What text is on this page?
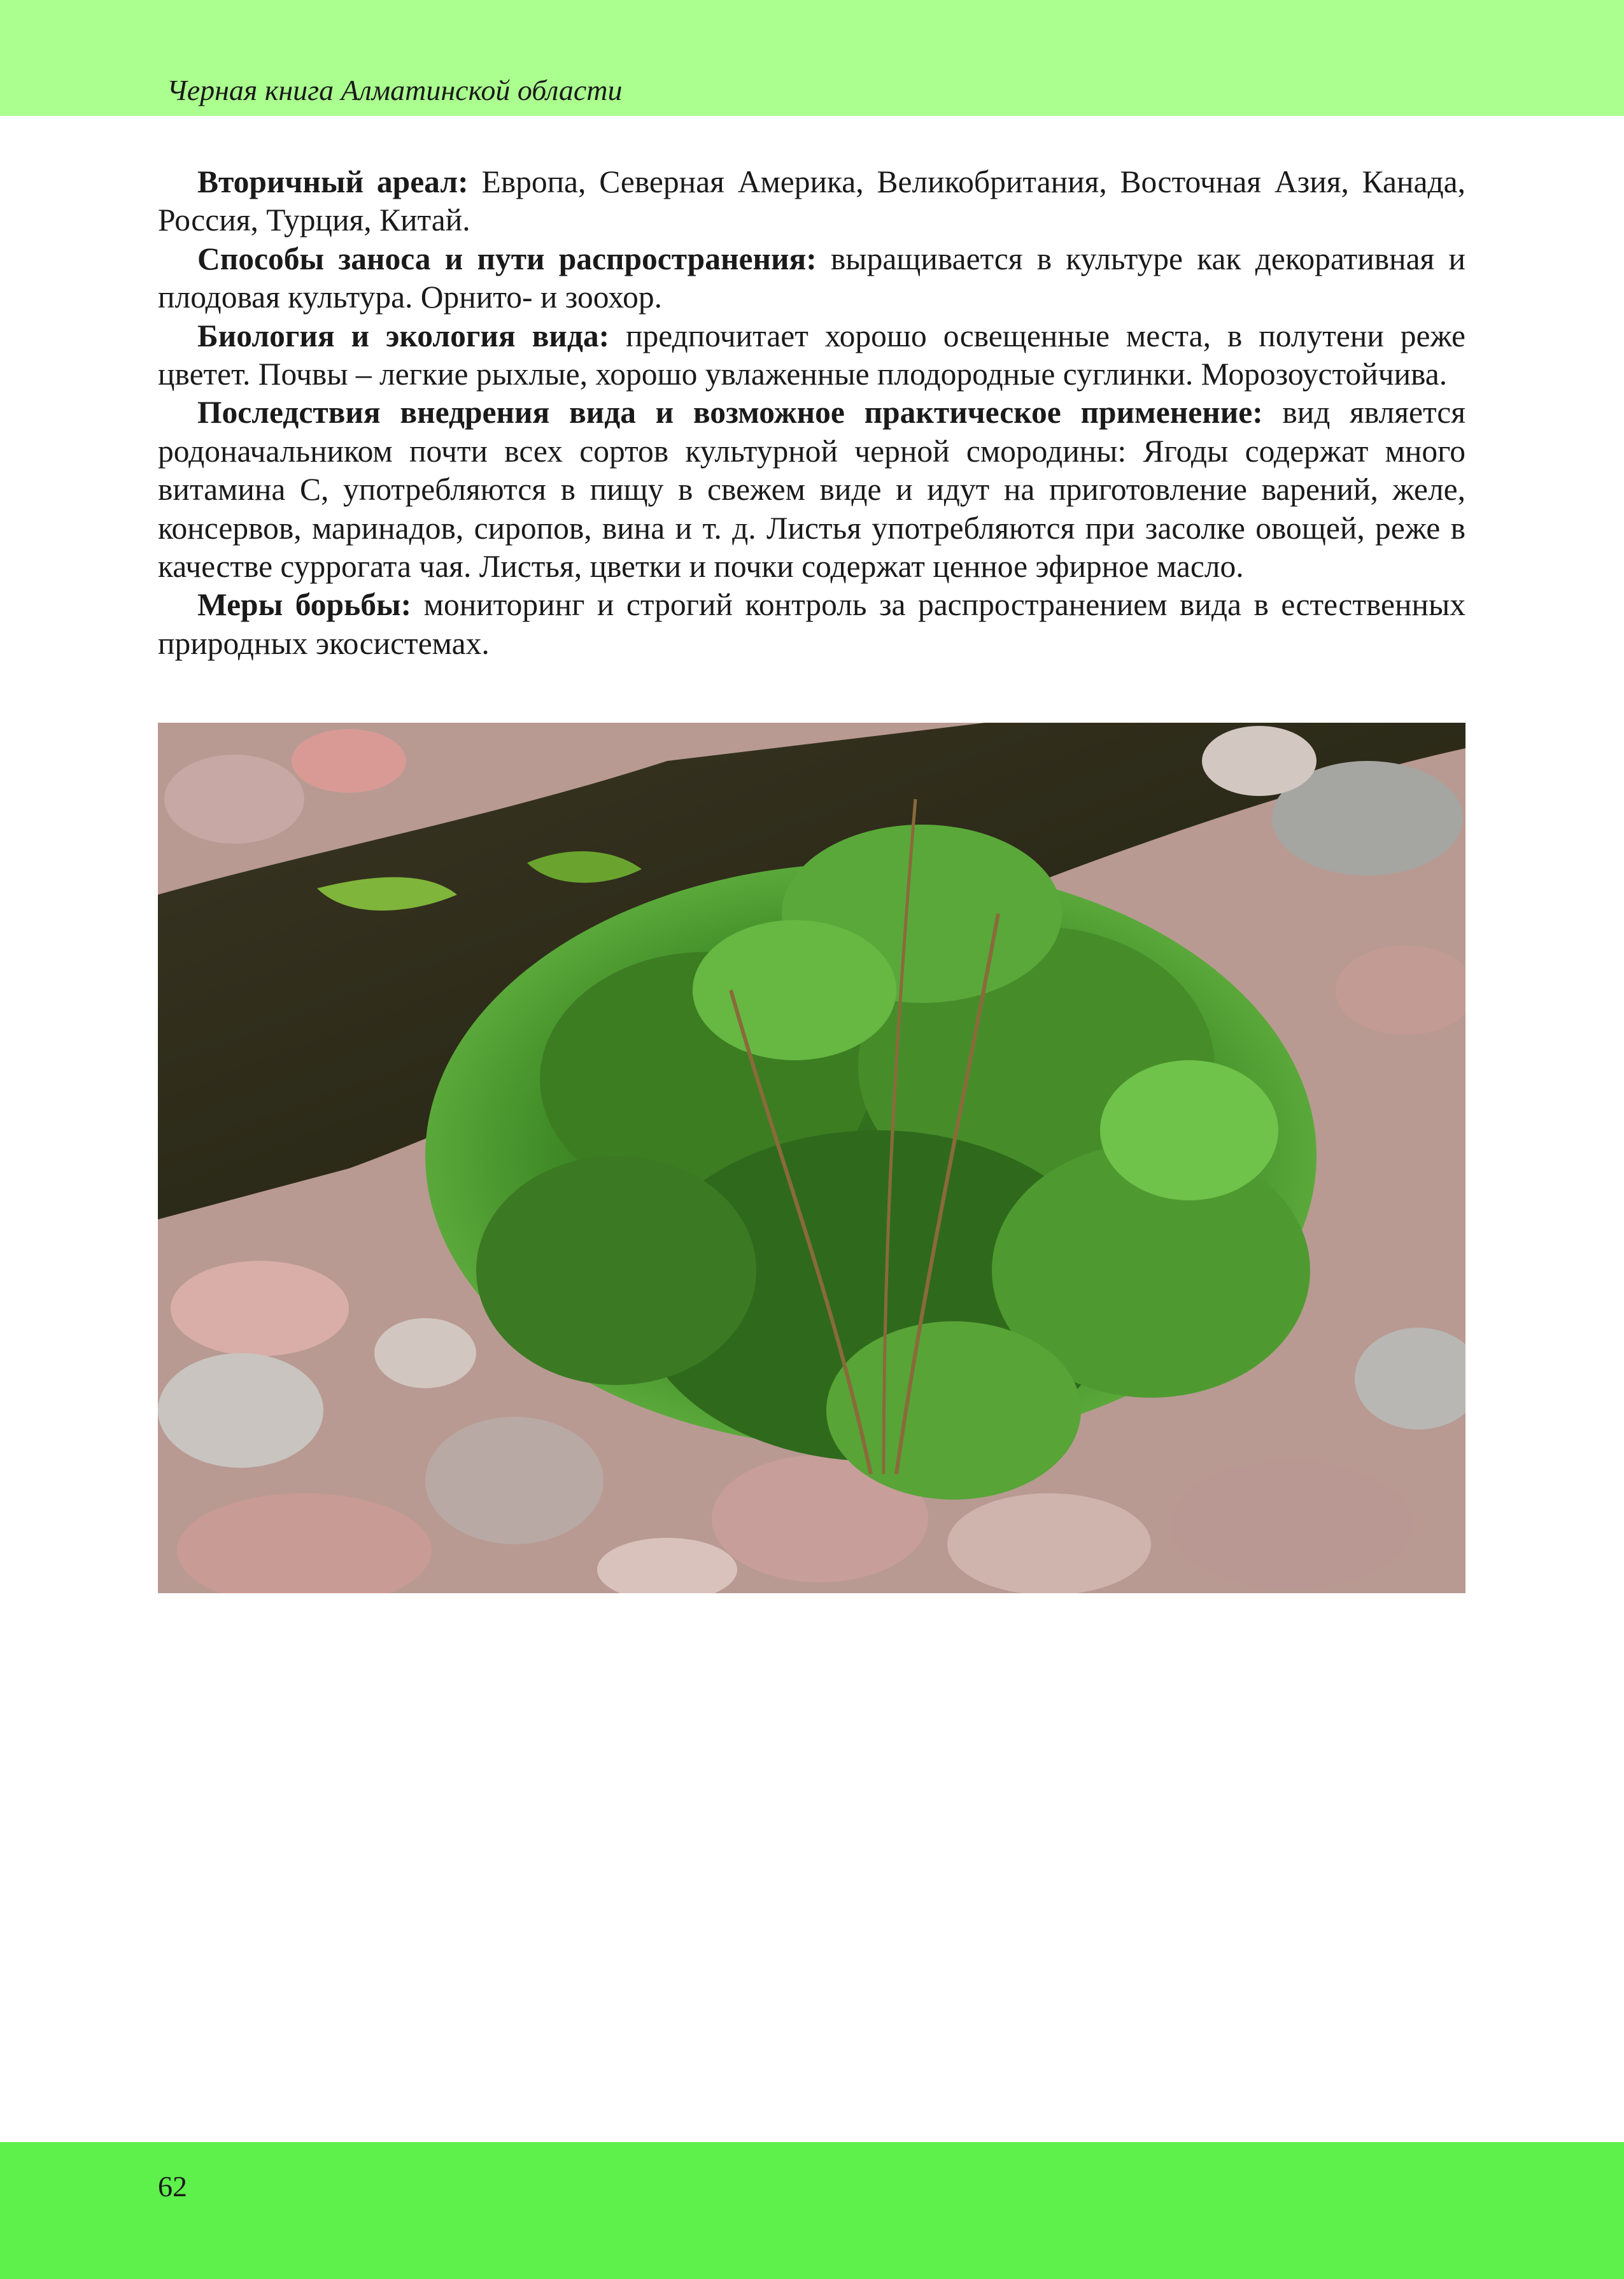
Черная книга Алматинской области

Вторичный ареал: Европа, Северная Америка, Великобритания, Восточная Азия, Канада, Россия, Турция, Китай.

Способы заноса и пути распространения: выращивается в культуре как декоративная и плодовая культура. Орнито- и зоохор.

Биология и экология вида: предпочитает хорошо освещенные места, в полутени реже цветет. Почвы – легкие рыхлые, хорошо увлаженные плодородные суглинки. Морозоустойчива.

Последствия внедрения вида и возможное практическое применение: вид является родоначальником почти всех сортов культурной черной смородины: Ягоды содержат много витамина С, употребляются в пищу в свежем виде и идут на приготовление варений, желе, консервов, маринадов, сиропов, вина и т. д. Листья употребляются при засолке овощей, реже в качестве суррогата чая. Листья, цветки и почки содержат ценное эфирное масло.

Меры борьбы: мониторинг и строгий контроль за распространением вида в естественных природных экосистемах.

62
